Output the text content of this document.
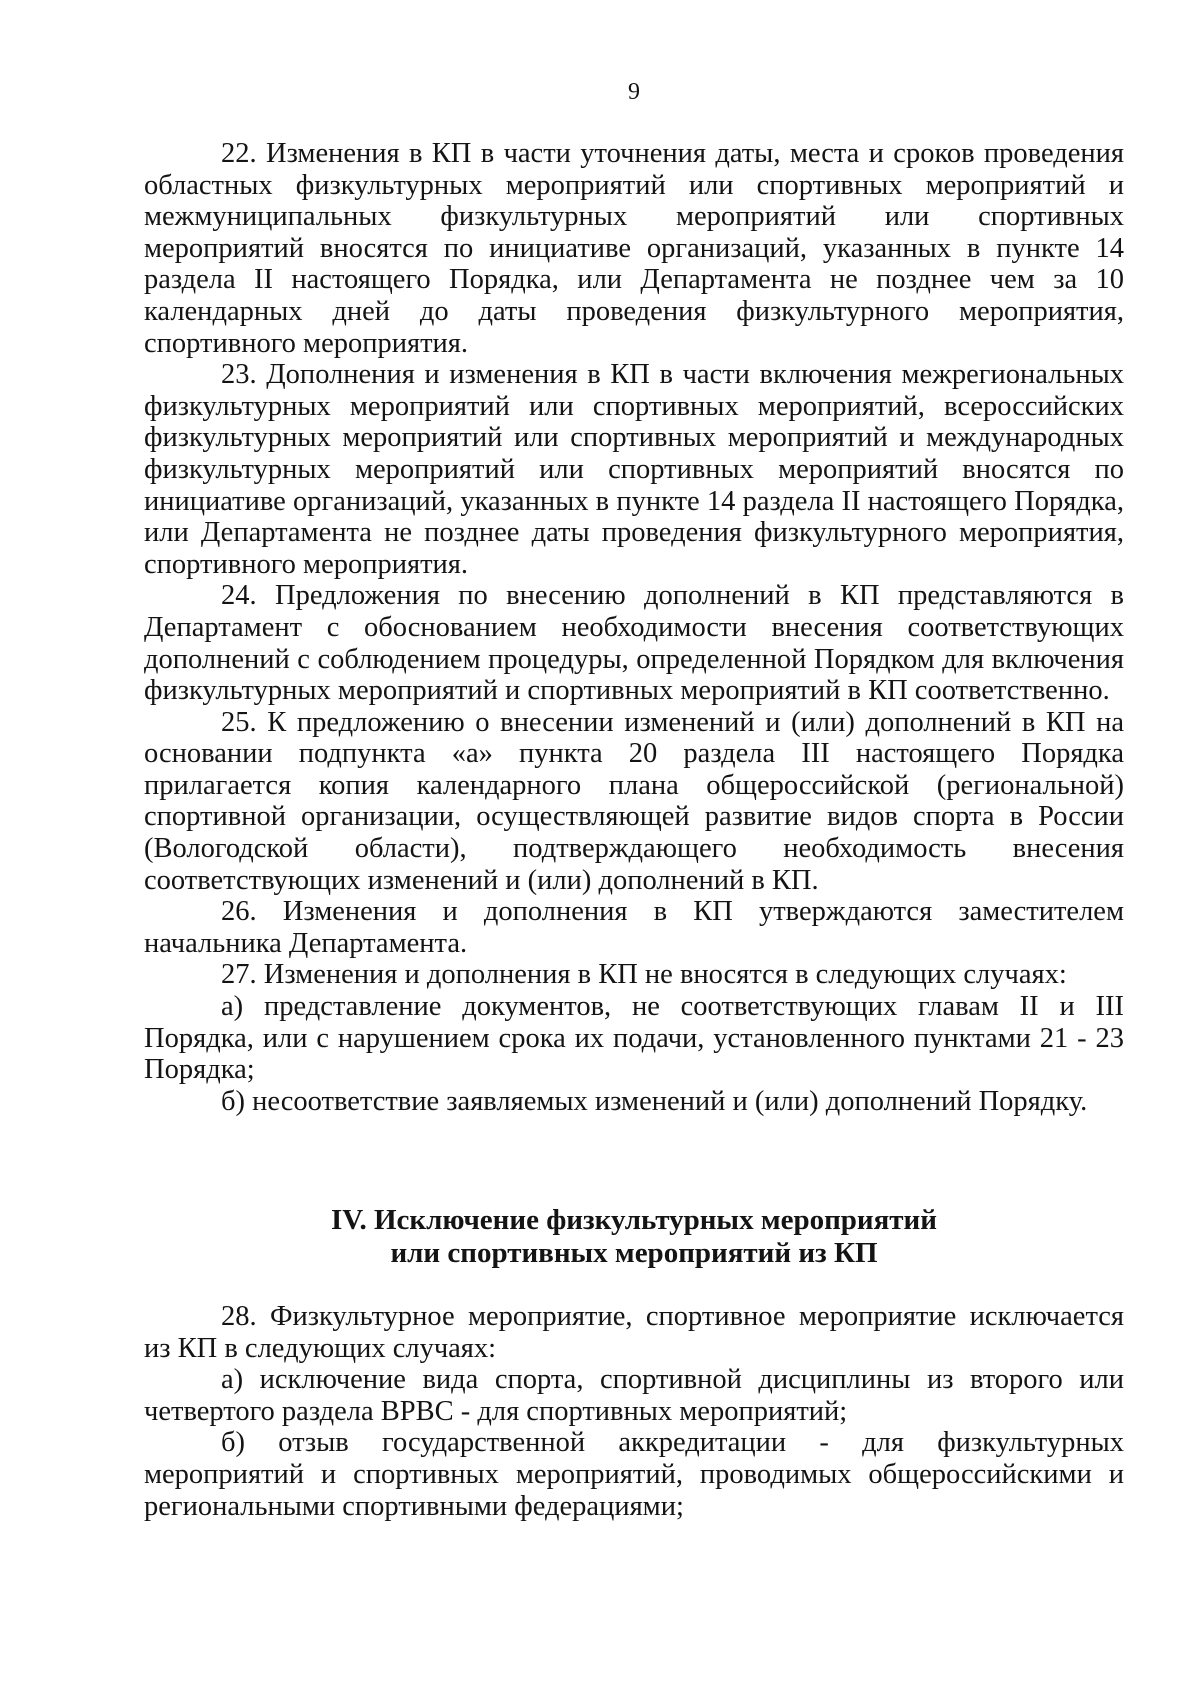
9

22. Изменения в КП в части уточнения даты, места и сроков проведения областных физкультурных мероприятий или спортивных мероприятий и межмуниципальных физкультурных мероприятий или спортивных мероприятий вносятся по инициативе организаций, указанных в пункте 14 раздела II настоящего Порядка, или Департамента не позднее чем за 10 календарных дней до даты проведения физкультурного мероприятия, спортивного мероприятия.

23. Дополнения и изменения в КП в части включения межрегиональных физкультурных мероприятий или спортивных мероприятий, всероссийских физкультурных мероприятий или спортивных мероприятий и международных физкультурных мероприятий или спортивных мероприятий вносятся по инициативе организаций, указанных в пункте 14 раздела II настоящего Порядка, или Департамента не позднее даты проведения физкультурного мероприятия, спортивного мероприятия.

24. Предложения по внесению дополнений в КП представляются в Департамент с обоснованием необходимости внесения соответствующих дополнений с соблюдением процедуры, определенной Порядком для включения физкультурных мероприятий и спортивных мероприятий в КП соответственно.

25. К предложению о внесении изменений и (или) дополнений в КП на основании подпункта «а» пункта 20 раздела III настоящего Порядка прилагается копия календарного плана общероссийской (региональной) спортивной организации, осуществляющей развитие видов спорта в России (Вологодской области), подтверждающего необходимость внесения соответствующих изменений и (или) дополнений в КП.

26. Изменения и дополнения в КП утверждаются заместителем начальника Департамента.

27. Изменения и дополнения в КП не вносятся в следующих случаях:

а) представление документов, не соответствующих главам II и III Порядка, или с нарушением срока их подачи, установленного пунктами 21 - 23 Порядка;

б) несоответствие заявляемых изменений и (или) дополнений Порядку.

IV. Исключение физкультурных мероприятий
или спортивных мероприятий из КП

28. Физкультурное мероприятие, спортивное мероприятие исключается из КП в следующих случаях:

а) исключение вида спорта, спортивной дисциплины из второго или четвертого раздела ВРВС - для спортивных мероприятий;

б) отзыв государственной аккредитации - для физкультурных мероприятий и спортивных мероприятий, проводимых общероссийскими и региональными спортивными федерациями;
